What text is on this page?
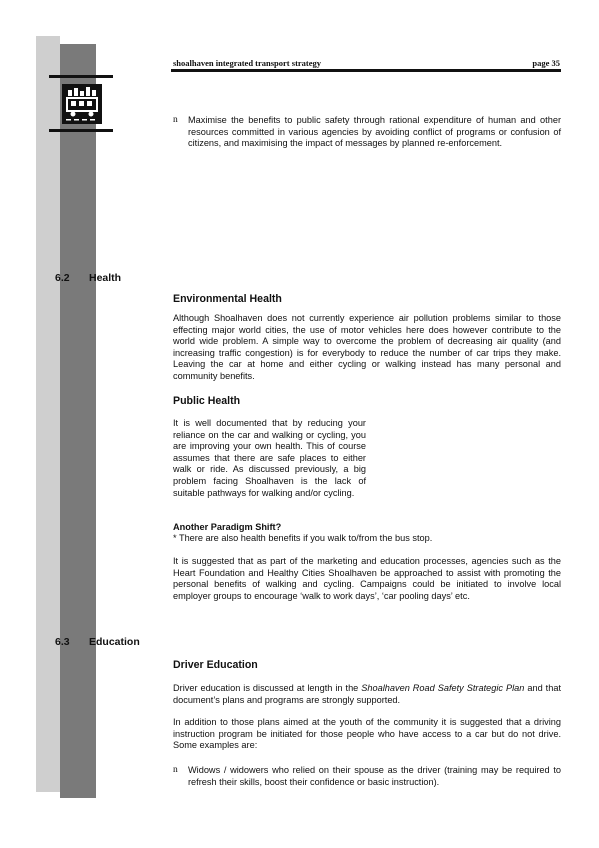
shoalhaven integrated transport strategy	page 35
n Maximise the benefits to public safety through rational expenditure of human and other resources committed in various agencies by avoiding conflict of programs or confusion of citizens, and maximising the impact of messages by planned re-enforcement.
6.2 Health
Environmental Health
Although Shoalhaven does not currently experience air pollution problems similar to those effecting major world cities, the use of motor vehicles here does however contribute to the world wide problem. A simple way to overcome the problem of decreasing air quality (and increasing traffic congestion) is for everybody to reduce the number of car trips they make. Leaving the car at home and either cycling or walking instead has many personal and community benefits.
Public Health
It is well documented that by reducing your reliance on the car and walking or cycling, you are improving your own health. This of course assumes that there are safe places to either walk or ride. As discussed previously, a big problem facing Shoalhaven is the lack of suitable pathways for walking and/or cycling.
Another Paradigm Shift?
* There are also health benefits if you walk to/from the bus stop.
It is suggested that as part of the marketing and education processes, agencies such as the Heart Foundation and Healthy Cities Shoalhaven be approached to assist with promoting the personal benefits of walking and cycling. Campaigns could be initiated to involve local employer groups to encourage ‘walk to work days’, ‘car pooling days’ etc.
6.3 Education
Driver Education
Driver education is discussed at length in the Shoalhaven Road Safety Strategic Plan and that document’s plans and programs are strongly supported.
In addition to those plans aimed at the youth of the community it is suggested that a driving instruction program be initiated for those people who have access to a car but do not drive. Some examples are:
n Widows / widowers who relied on their spouse as the driver (training may be required to refresh their skills, boost their confidence or basic instruction).
